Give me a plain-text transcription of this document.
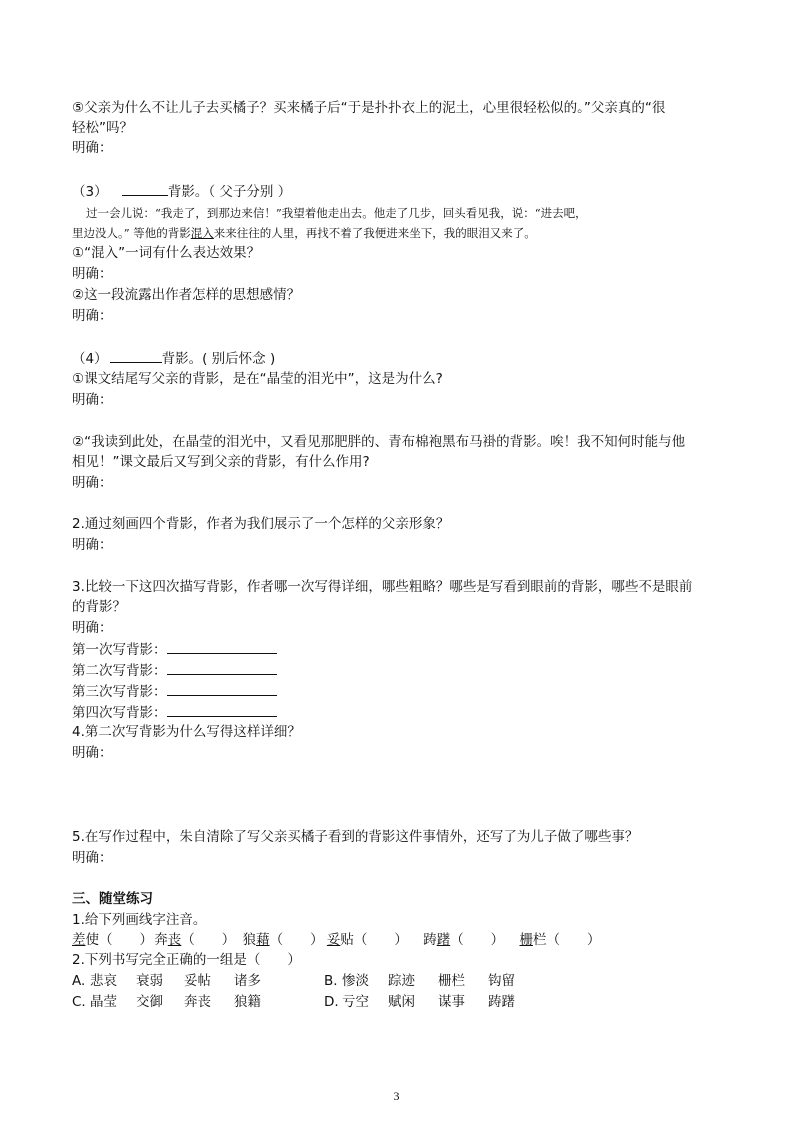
⑤父亲为什么不让儿子去买橘子？买来橘子后“于是扑扑衣上的泥土，心里很轻松似的。”父亲真的“很
轻松”吗？
明确：
（3）	背影。（ 父子分别 ）
过一会儿说：“我走了，到那边来信！”我望着他走出去。他走了几步，回头看见我，说：“进去吧，
里边没人。” 等他的背影混入来来往往的人里，再找不着了我便进来坐下，我的眼泪又来了。
①“混入”一词有什么表达效果？
明确：
②这一段流露出作者怎样的思想感情？
明确：
（4）	背影。( 别后怀念 )
①课文结尾写父亲的背影，是在“晶莹的泪光中”，这是为什么?
明确：
②“我读到此处，在晶莹的泪光中，又看见那肥胖的、青布棉袍黑布马褂的背影。唉！我不知何时能与他
相见！”课文最后又写到父亲的背影，有什么作用?
明确：
2.通过刻画四个背影，作者为我们展示了一个怎样的父亲形象？
明确：
3.比较一下这四次描写背影，作者哪一次写得详细，哪些粗略？哪些是写看到眼前的背影，哪些不是眼前
的背影？
明确：
第一次写背影：
第二次写背影：
第三次写背影：
第四次写背影：
4.第二次写背影为什么写得这样详细？
明确：
5.在写作过程中，朱自清除了写父亲买橘子看到的背影这件事情外，还写了为儿子做了哪些事？
明确：
三、随堂练习
1.给下列画线字注音。
差使（　　） 奔丧（　　） 狼藉（　　） 妥贴（　　） 踌躇（　　） 栅栏（　　）
2.下列书写完全正确的一组是（　　）
A. 悲哀 衰弱 妥帖 诸多	B. 惨淡 踪迹 栅栏 钩留
C. 晶莹 交御 奔丧 狼籍	D. 亏空 赋闲 谋事 踌躇
3
